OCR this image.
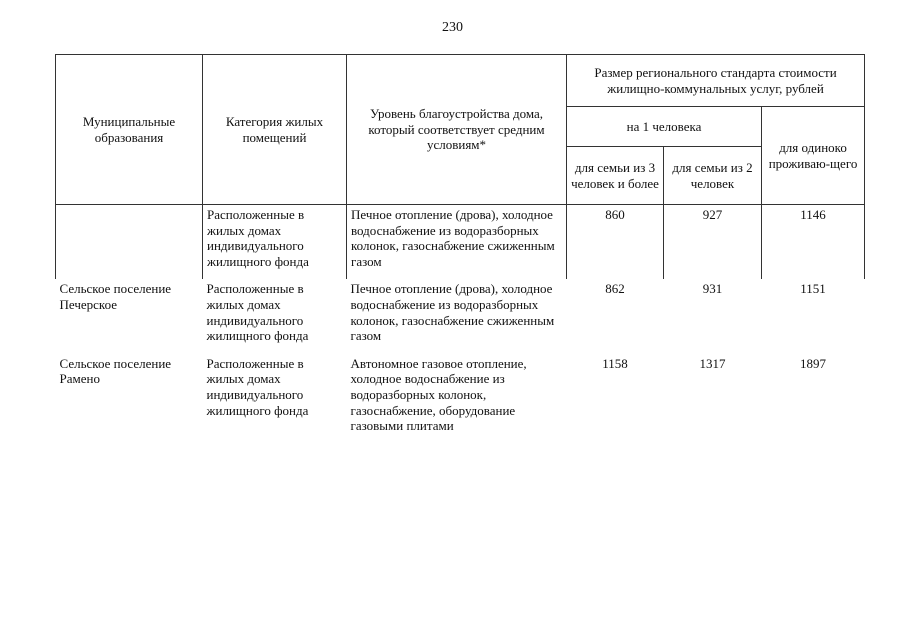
230
Муниципальные образования	Категория жилых помещений	Уровень благоустройства дома, который соответствует средним условиям*	Размер регионального стандарта стоимости жилищно-коммунальных услуг, рублей		
			на 1 человека		для одиноко проживаю-щего
			для семьи из 3 человек и более	для семьи из 2 человек	
	Расположенные в жилых домах индивидуального жилищного фонда	Печное отопление (дрова), холодное водоснабжение из водоразборных колонок, газоснабжение сжиженным газом	860	927	1146
Сельское поселение Печерское	Расположенные в жилых домах индивидуального жилищного фонда	Печное отопление (дрова), холодное водоснабжение из водоразборных колонок, газоснабжение сжиженным газом	862	931	1151
Сельское поселение Рамено	Расположенные в жилых домах индивидуального жилищного фонда	Автономное газовое отопление, холодное водоснабжение из водоразборных колонок, газоснабжение, оборудование газовыми плитами	1158	1317	1897
